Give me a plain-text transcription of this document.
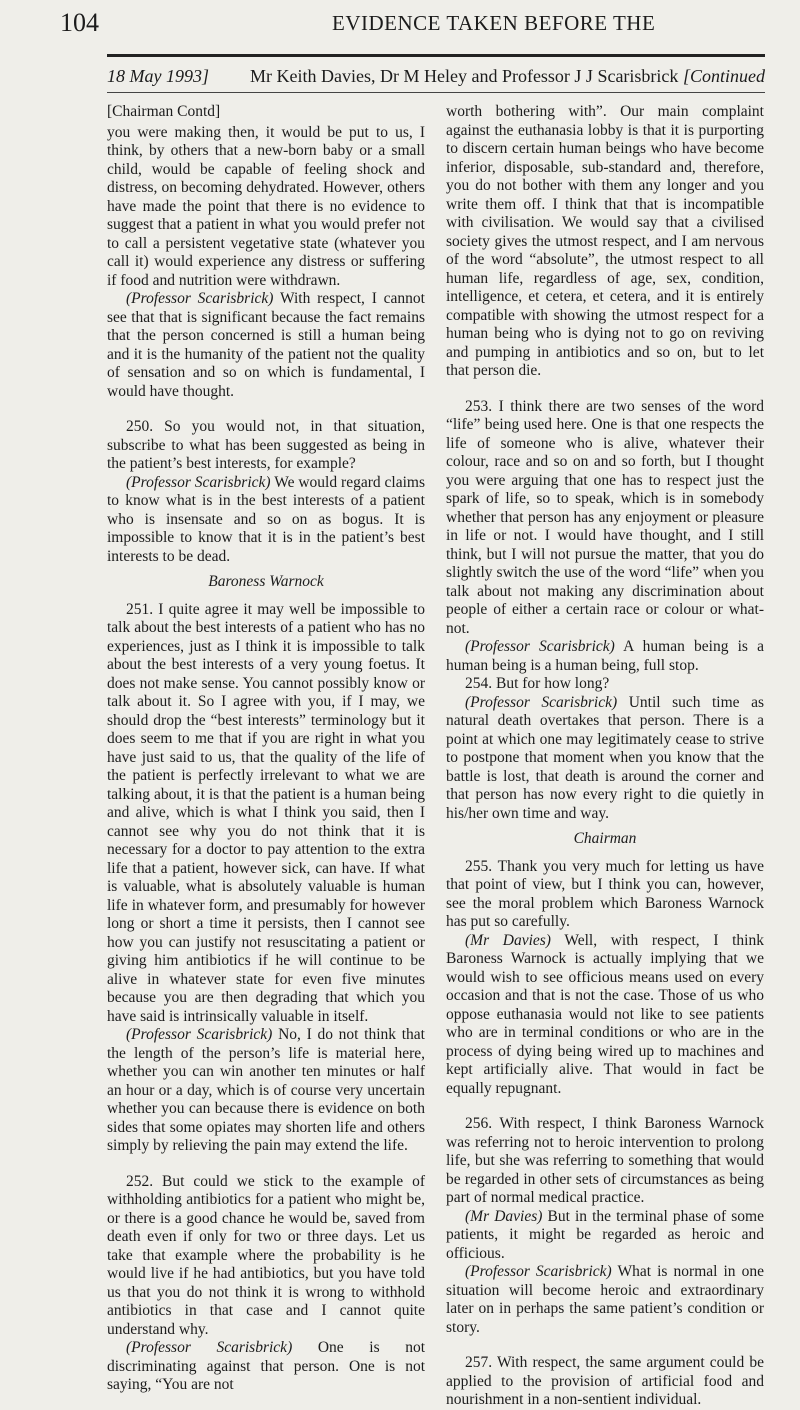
104	EVIDENCE TAKEN BEFORE THE
18 May 1993] Mr Keith Davies, Dr M Heley and Professor J J Scarisbrick [Continued

[Chairman Contd]

you were making then, it would be put to us, I think, by others that a new-born baby or a small child, would be capable of feeling shock and distress, on becoming dehydrated. However, others have made the point that there is no evidence to suggest that a patient in what you would prefer not to call a persistent vegetative state (whatever you call it) would experience any distress or suffering if food and nutrition were withdrawn.

(Professor Scarisbrick) With respect, I cannot see that that is significant because the fact remains that the person concerned is still a human being and it is the humanity of the patient not the quality of sensation and so on which is fundamental, I would have thought.

250. So you would not, in that situation, subscribe to what has been suggested as being in the patient’s best interests, for example?

(Professor Scarisbrick) We would regard claims to know what is in the best interests of a patient who is insensate and so on as bogus. It is impossible to know that it is in the patient’s best interests to be dead.

Baroness Warnock

251. I quite agree it may well be impossible to talk about the best interests of a patient who has no experiences, just as I think it is impossible to talk about the best interests of a very young foetus. It does not make sense. You cannot possibly know or talk about it. So I agree with you, if I may, we should drop the “best interests” terminology but it does seem to me that if you are right in what you have just said to us, that the quality of the life of the patient is perfectly irrelevant to what we are talking about, it is that the patient is a human being and alive, which is what I think you said, then I cannot see why you do not think that it is necessary for a doctor to pay attention to the extra life that a patient, however sick, can have. If what is valuable, what is absolutely valuable is human life in whatever form, and presumably for however long or short a time it persists, then I cannot see how you can justify not resuscitating a patient or giving him antibiotics if he will continue to be alive in whatever state for even five minutes because you are then degrading that which you have said is intrinsically valuable in itself.

(Professor Scarisbrick) No, I do not think that the length of the person’s life is material here, whether you can win another ten minutes or half an hour or a day, which is of course very uncertain whether you can because there is evidence on both sides that some opiates may shorten life and others simply by relieving the pain may extend the life.

252. But could we stick to the example of withholding antibiotics for a patient who might be, or there is a good chance he would be, saved from death even if only for two or three days. Let us take that example where the probability is he would live if he had antibiotics, but you have told us that you do not think it is wrong to withhold antibiotics in that case and I cannot quite understand why.

(Professor Scarisbrick) One is not discriminating against that person. One is not saying, “You are not

worth bothering with”. Our main complaint against the euthanasia lobby is that it is purporting to discern certain human beings who have become inferior, disposable, sub-standard and, therefore, you do not bother with them any longer and you write them off. I think that that is incompatible with civilisation. We would say that a civilised society gives the utmost respect, and I am nervous of the word “absolute”, the utmost respect to all human life, regardless of age, sex, condition, intelligence, et cetera, et cetera, and it is entirely compatible with showing the utmost respect for a human being who is dying not to go on reviving and pumping in antibiotics and so on, but to let that person die.

253. I think there are two senses of the word “life” being used here. One is that one respects the life of someone who is alive, whatever their colour, race and so on and so forth, but I thought you were arguing that one has to respect just the spark of life, so to speak, which is in somebody whether that person has any enjoyment or pleasure in life or not. I would have thought, and I still think, but I will not pursue the matter, that you do slightly switch the use of the word “life” when you talk about not making any discrimination about people of either a certain race or colour or what-not.

(Professor Scarisbrick) A human being is a human being is a human being, full stop.

254. But for how long?

(Professor Scarisbrick) Until such time as natural death overtakes that person. There is a point at which one may legitimately cease to strive to postpone that moment when you know that the battle is lost, that death is around the corner and that person has now every right to die quietly in his/her own time and way.

Chairman

255. Thank you very much for letting us have that point of view, but I think you can, however, see the moral problem which Baroness Warnock has put so carefully.

(Mr Davies) Well, with respect, I think Baroness Warnock is actually implying that we would wish to see officious means used on every occasion and that is not the case. Those of us who oppose euthanasia would not like to see patients who are in terminal conditions or who are in the process of dying being wired up to machines and kept artificially alive. That would in fact be equally repugnant.

256. With respect, I think Baroness Warnock was referring not to heroic intervention to prolong life, but she was referring to something that would be regarded in other sets of circumstances as being part of normal medical practice.

(Mr Davies) But in the terminal phase of some patients, it might be regarded as heroic and officious.

(Professor Scarisbrick) What is normal in one situation will become heroic and extraordinary later on in perhaps the same patient’s condition or story.

257. With respect, the same argument could be applied to the provision of artificial food and nourishment in a non-sentient individual.
